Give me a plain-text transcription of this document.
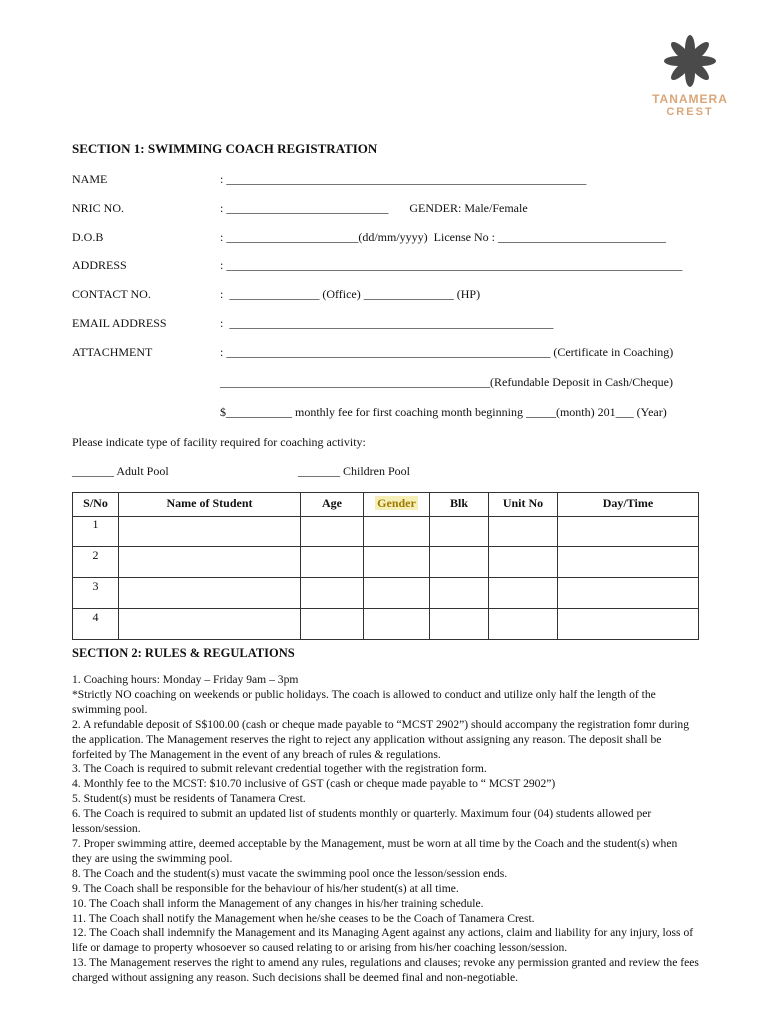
TANAMERA
CREST
SECTION 1: SWIMMING COACH REGISTRATION
NAME	: ____________________________________________________________
NRIC NO.	: ___________________________       GENDER: Male/Female
D.O.B	: ______________________(dd/mm/yyyy)  License No : ____________________________
ADDRESS	: ____________________________________________________________________________
CONTACT NO.	:  _______________ (Office) _______________ (HP)
EMAIL ADDRESS	:  ______________________________________________________
ATTACHMENT	: ______________________________________________________ (Certificate in Coaching)
_____________________________________________(Refundable Deposit in Cash/Cheque)
$___________ monthly fee for first coaching month beginning _____(month) 201___ (Year)
Please indicate type of facility required for coaching activity:
_______ Adult Pool	_______ Children Pool
S/No	Name of Student	Age	Gender	Blk	Unit No	Day/Time
1						
2						
3						
4						
SECTION 2: RULES & REGULATIONS

1. Coaching hours: Monday – Friday 9am – 3pm

*Strictly NO coaching on weekends or public holidays. The coach is allowed to conduct and utilize only half the length of the swimming pool.

2. A refundable deposit of S$100.00 (cash or cheque made payable to “MCST 2902”) should accompany the registration fomr during the application. The Management reserves the right to reject any application without assigning any reason. The deposit shall be forfeited by The Management in the event of any breach of rules & regulations.

3. The Coach is required to submit relevant credential together with the registration form.

4. Monthly fee to the MCST: $10.70 inclusive of GST (cash or cheque made payable to “ MCST 2902”)

5. Student(s) must be residents of Tanamera Crest.

6. The Coach is required to submit an updated list of students monthly or quarterly. Maximum four (04) students allowed per lesson/session.

7. Proper swimming attire, deemed acceptable by the Management, must be worn at all time by the Coach and the student(s) when they are using the swimming pool.

8. The Coach and the student(s) must vacate the swimming pool once the lesson/session ends.

9. The Coach shall be responsible for the behaviour of his/her student(s) at all time.

10. The Coach shall inform the Management of any changes in his/her training schedule.

11. The Coach shall notify the Management when he/she ceases to be the Coach of Tanamera Crest.

12. The Coach shall indemnify the Management and its Managing Agent against any actions, claim and liability for any injury, loss of life or damage to property whosoever so caused relating to or arising from his/her coaching lesson/session.

13. The Management reserves the right to amend any rules, regulations and clauses; revoke any permission granted and review the fees charged without assigning any reason. Such decisions shall be deemed final and non-negotiable.
